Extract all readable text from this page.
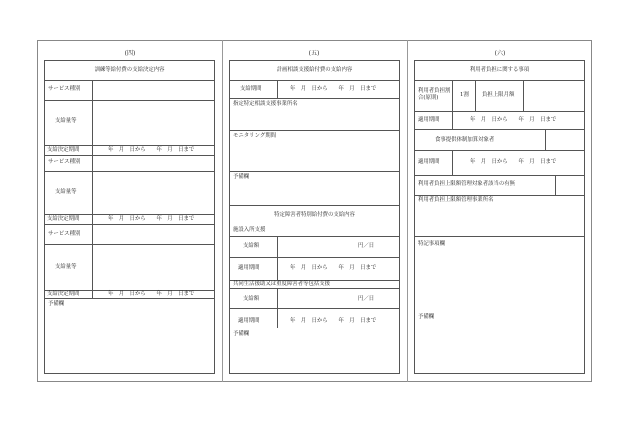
(四)
訓練等給付費の支給決定内容
サービス種別
支給量等
支給決定期間	年　月　日から　　年　月　日まで
サービス種別
支給量等
支給決定期間	年　月　日から　　年　月　日まで
サービス種別
支給量等
支給決定期間	年　月　日から　　年　月　日まで
予備欄
(五)
計画相談支援給付費の支給内容
支給期間	年　月　日から　　年　月　日まで
指定特定相談支援事業所名
モニタリング期間
予備欄
特定障害者特別給付費の支給内容
施設入所支援
支給額	円／日
適用期間	年　月　日から　　年　月　日まで
共同生活援助又は重度障害者等包括支援
支給額	円／日
適用期間	年　月　日から　　年　月　日まで
予備欄
(六)
利用者負担に関する事項
利用者負担割合(原則)	1割 負担上限月額
適用期間	年　月　日から　　年　月　日まで
食事提供体制加算対象者
適用期間	年　月　日から　　年　月　日まで
利用者負担上限額管理対象者該当の有無
利用者負担上限額管理事業所名
特記事項欄
予備欄
